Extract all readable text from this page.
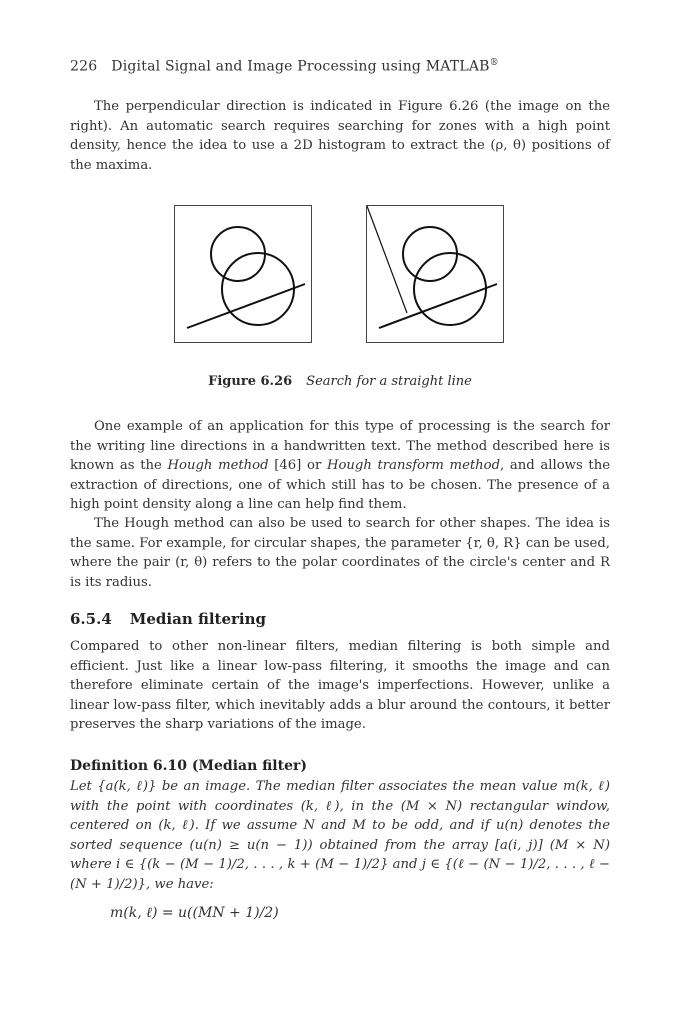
226 Digital Signal and Image Processing using MATLAB®

The perpendicular direction is indicated in Figure 6.26 (the image on the right). An automatic search requires searching for zones with a high point density, hence the idea to use a 2D histogram to extract the (ρ, θ) positions of the maxima.

Figure 6.26 Search for a straight line

One example of an application for this type of processing is the search for the writing line directions in a handwritten text. The method described here is known as the Hough method [46] or Hough transform method, and allows the extraction of directions, one of which still has to be chosen. The presence of a high point density along a line can help find them.

The Hough method can also be used to search for other shapes. The idea is the same. For example, for circular shapes, the parameter {r, θ, R} can be used, where the pair (r, θ) refers to the polar coordinates of the circle's center and R is its radius.

6.5.4 Median filtering

Compared to other non-linear filters, median filtering is both simple and efficient. Just like a linear low-pass filtering, it smooths the image and can therefore eliminate certain of the image's imperfections. However, unlike a linear low-pass filter, which inevitably adds a blur around the contours, it better preserves the sharp variations of the image.

Definition 6.10 (Median filter)

Let {a(k, ℓ)} be an image. The median filter associates the mean value m(k, ℓ) with the point with coordinates (k, ℓ), in the (M × N) rectangular window, centered on (k, ℓ). If we assume N and M to be odd, and if u(n) denotes the sorted sequence (u(n) ≥ u(n − 1)) obtained from the array [a(i, j)] (M × N) where i ∈ {(k − (M − 1)/2, . . . , k + (M − 1)/2} and j ∈ {(ℓ − (N − 1)/2, . . . , ℓ − (N + 1)/2)}, we have:

m(k, ℓ) = u((MN + 1)/2)
